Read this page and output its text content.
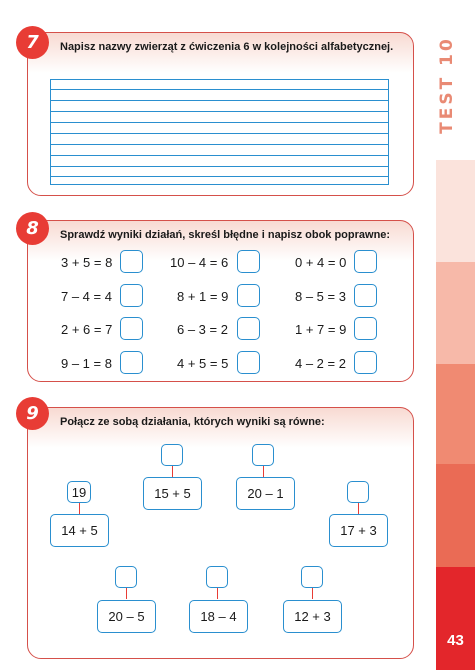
TEST 10
43
7	Napisz nazwy zwierząt z ćwiczenia 6 w kolejności alfabetycznej.
8	Sprawdź wyniki działań, skreśl błędne i napisz obok poprawne:
3 + 5 = 8	10 – 4 = 6	0 + 4 = 0
7 – 4 = 4	8 + 1 = 9	8 – 5 = 3
2 + 6 = 7	6 – 3 = 2	1 + 7 = 9
9 – 1 = 8	4 + 5 = 5	4 – 2 = 2
9	Połącz ze sobą działania, których wyniki są równe:
19
14 + 5
15 + 5	20 – 1
17 + 3
20 – 5	18 – 4	12 + 3
